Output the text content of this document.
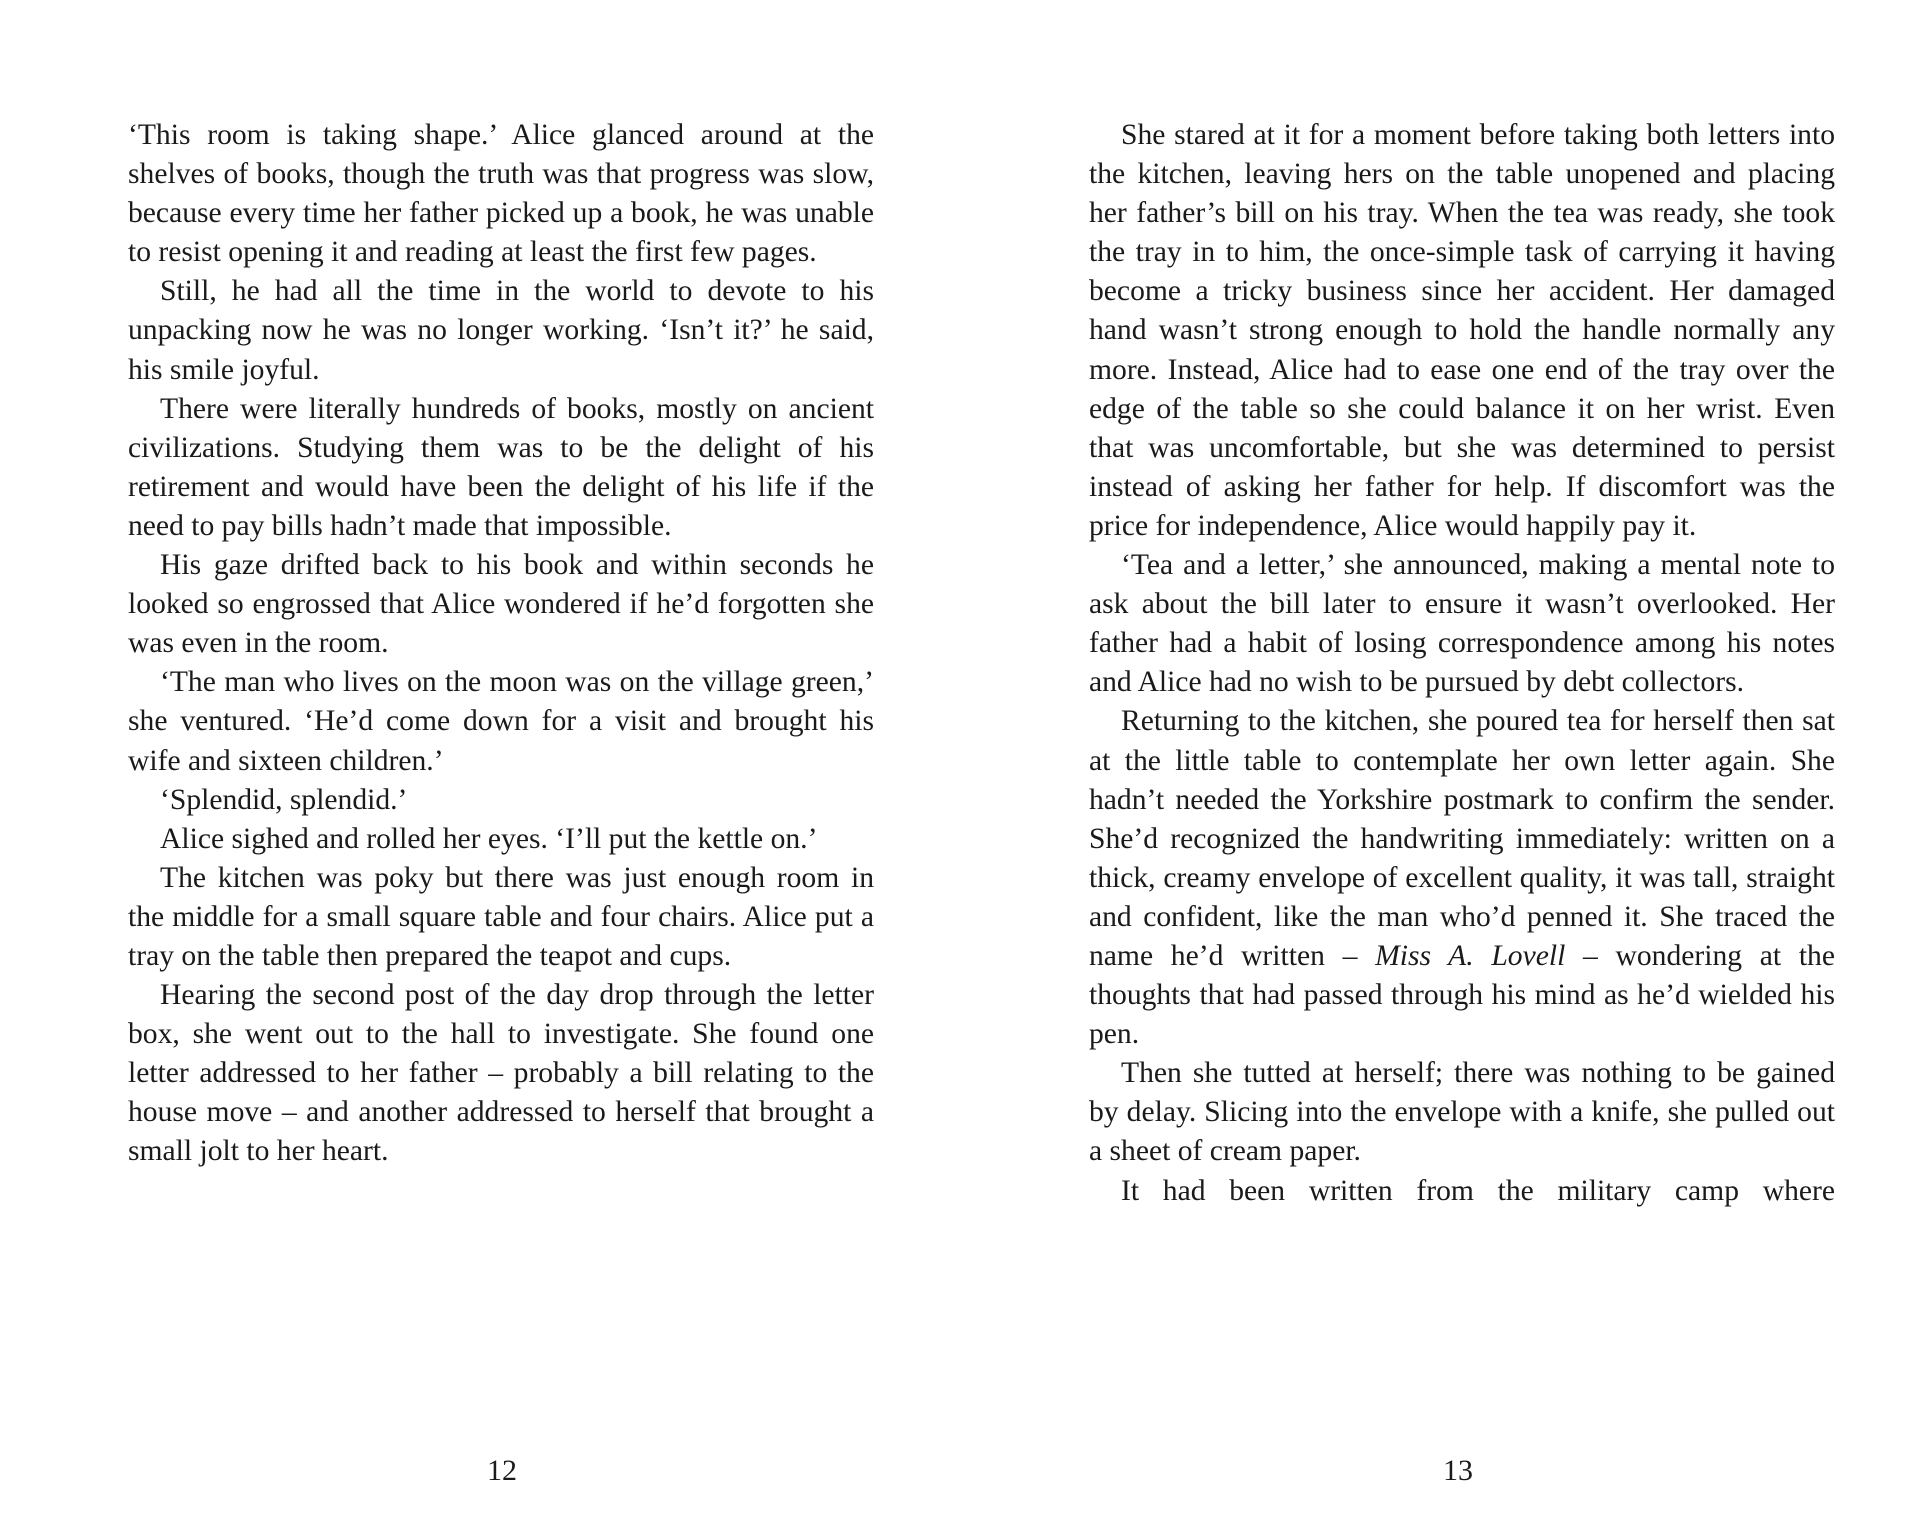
‘This room is taking shape.’ Alice glanced around at the shelves of books, though the truth was that progress was slow, because every time her father picked up a book, he was unable to resist opening it and reading at least the first few pages.

Still, he had all the time in the world to devote to his unpacking now he was no longer working. ‘Isn’t it?’ he said, his smile joyful.

There were literally hundreds of books, mostly on ancient civilizations. Studying them was to be the delight of his retirement and would have been the delight of his life if the need to pay bills hadn’t made that impossible.

His gaze drifted back to his book and within seconds he looked so engrossed that Alice wondered if he’d forgotten she was even in the room.

‘The man who lives on the moon was on the village green,’ she ventured. ‘He’d come down for a visit and brought his wife and sixteen children.’

‘Splendid, splendid.’

Alice sighed and rolled her eyes. ‘I’ll put the kettle on.’

The kitchen was poky but there was just enough room in the middle for a small square table and four chairs. Alice put a tray on the table then prepared the teapot and cups.

Hearing the second post of the day drop through the letter box, she went out to the hall to investigate. She found one letter addressed to her father – probably a bill relating to the house move – and another addressed to herself that brought a small jolt to her heart.

She stared at it for a moment before taking both letters into the kitchen, leaving hers on the table unopened and placing her father’s bill on his tray. When the tea was ready, she took the tray in to him, the once-simple task of carrying it having become a tricky business since her accident. Her damaged hand wasn’t strong enough to hold the handle normally any more. Instead, Alice had to ease one end of the tray over the edge of the table so she could balance it on her wrist. Even that was uncomfortable, but she was determined to persist instead of asking her father for help. If discomfort was the price for independence, Alice would happily pay it.

‘Tea and a letter,’ she announced, making a mental note to ask about the bill later to ensure it wasn’t overlooked. Her father had a habit of losing correspondence among his notes and Alice had no wish to be pursued by debt collectors.

Returning to the kitchen, she poured tea for herself then sat at the little table to contemplate her own letter again. She hadn’t needed the Yorkshire postmark to confirm the sender. She’d recognized the handwriting immediately: written on a thick, creamy envelope of excellent quality, it was tall, straight and confident, like the man who’d penned it. She traced the name he’d written – Miss A. Lovell – wondering at the thoughts that had passed through his mind as he’d wielded his pen.

Then she tutted at herself; there was nothing to be gained by delay. Slicing into the envelope with a knife, she pulled out a sheet of cream paper.

It had been written from the military camp where

12	13
